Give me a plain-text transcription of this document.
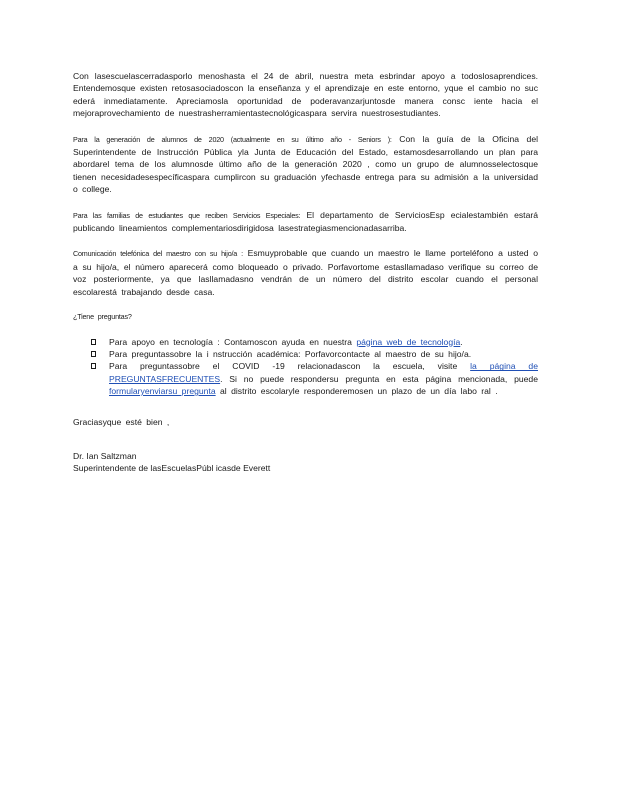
Con lasescuelascerradasporlo menoshasta el 24 de abril, nuestra meta esbrindar apoyo a todoslosaprendices. Entendemosque existen retosasociadoscon la enseñanza y el aprendizaje en este entorno, yque el cambio no suc ederá inmediatamente. Apreciamosla oportunidad de poderavanzarjuntosde manera consc iente hacia el mejoraprovechamiento de nuestrasherramientastecnológicaspara servira nuestrosestudiantes.

Para la generación de alumnos de 2020 (actualmente en su último año - Seniors ): Con la guía de la Oficina del Superintendente de Instrucción Pública yla Junta de Educación del Estado, estamosdesarrollando un plan para abordarel tema de los alumnosde último año de la generación 2020 , como un grupo de alumnosselectosque tienen necesidadesespecíficaspara cumplircon su graduación yfechasde entrega para su admisión a la universidad o college.

Para las familias de estudiantes que reciben Servicios Especiales: El departamento de ServiciosEsp ecialestambién estará publicando lineamientos complementariosdirigidosa lasestrategiasmencionadasarriba.

Comunicación telefónica del maestro con su hijo/a : Esmuyprobable que cuando un maestro le llame porteléfono a usted o a su hijo/a, el número aparecerá como bloqueado o privado. Porfavortome estasllamadaso verifique su correo de voz posteriormente, ya que lasllamadasno vendrán de un número del distrito escolar cuando el personal escolarestá trabajando desde casa.

¿Tiene preguntas?

Para apoyo en tecnología : Contamoscon ayuda en nuestra página web de tecnología.
Para preguntassobre la i nstrucción académica: Porfavorcontacte al maestro de su hijo/a.
Para preguntassobre el COVID -19 relacionadascon la escuela, visite la página de PREGUNTASFRECUENTES. Si no puede respondersu pregunta en esta página mencionada, puede formularyenviarsu pregunta al distrito escolaryle responderemosen un plazo de un día labo ral .

Graciasyque esté bien ,

Dr. Ian Saltzman
Superintendente de lasEscuelasPúbl icasde Everett
